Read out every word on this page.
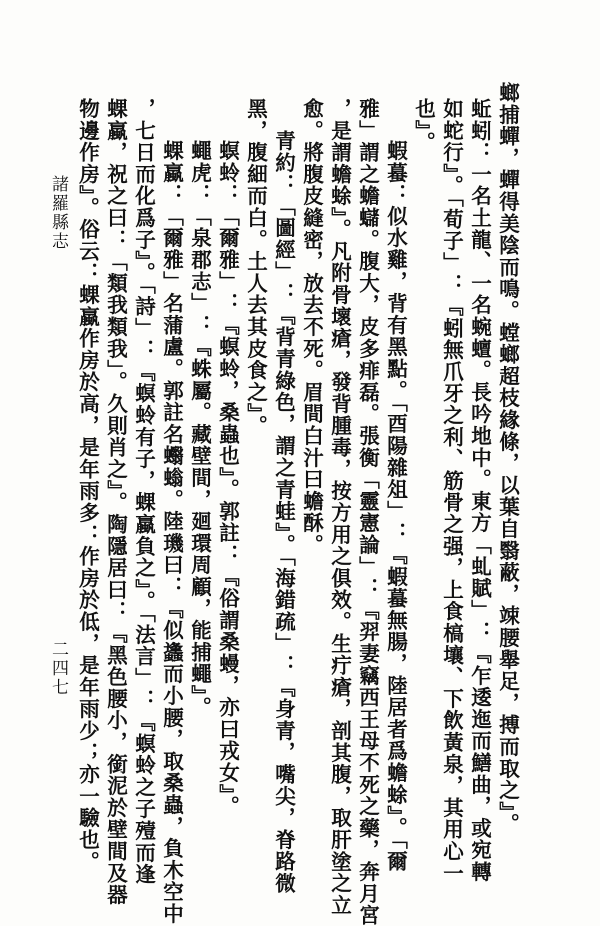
螂捕蟬，蟬得美陰而鳴。螳螂超枝緣條，以葉自翳蔽，竦腰舉足，搏而取之』。
蚯蚓：一名土龍、一名蜿蟺。長吟地中。東方「虬賦」：『乍逶迤而鱔曲，或宛轉
如蛇行』。「荀子」：『蚓無爪牙之利、筋骨之强，上食槁壤、下飲黃泉，其用心一
也』。
蝦蟇：似水雞，背有黑點。「酉陽雜俎」：『蝦蟇無腸，陸居者爲蟾蜍』。「爾
雅」謂之蟾蠩。腹大，皮多痱磊。張衡「靈憲論」：『羿妻竊西王母不死之藥，奔月宮
，是謂蟾蜍』。凡附骨壞瘡，發背腫毒，按方用之俱效。生疔瘡，剖其腹，取肝塗之立
愈。將腹皮縫密，放去不死。眉間白汁曰蟾酥。
青約：「圖經」：『背青綠色，謂之青蛙』。「海錯疏」：『身青，嘴尖，脊路微
黑，腹細而白。土人去其皮食之』。
螟蛉：「爾雅」：『螟蛉，桑蟲也』。郭註：『俗謂桑蟃，亦曰戎女』。
蠅虎：「泉郡志」：『蛛屬。藏壁間，廻環周顧，能捕蠅』。
蜾蠃：「爾雅」名蒲盧。郭註名蠮螉。陸璣曰：『似蠭而小腰，取桑蟲，負木空中
，七日而化爲子』。「詩」：『螟蛉有子，蜾蠃負之』。「法言」：『螟蛉之子殪而逢
蜾蠃，祝之曰：「類我類我」。久則肖之』。陶隱居曰：『黑色腰小，銜泥於壁間及器
物邊作房』。俗云：蜾蠃作房於高，是年雨多：作房於低，是年雨少；亦一驗也。
諸羅縣志
二四七
